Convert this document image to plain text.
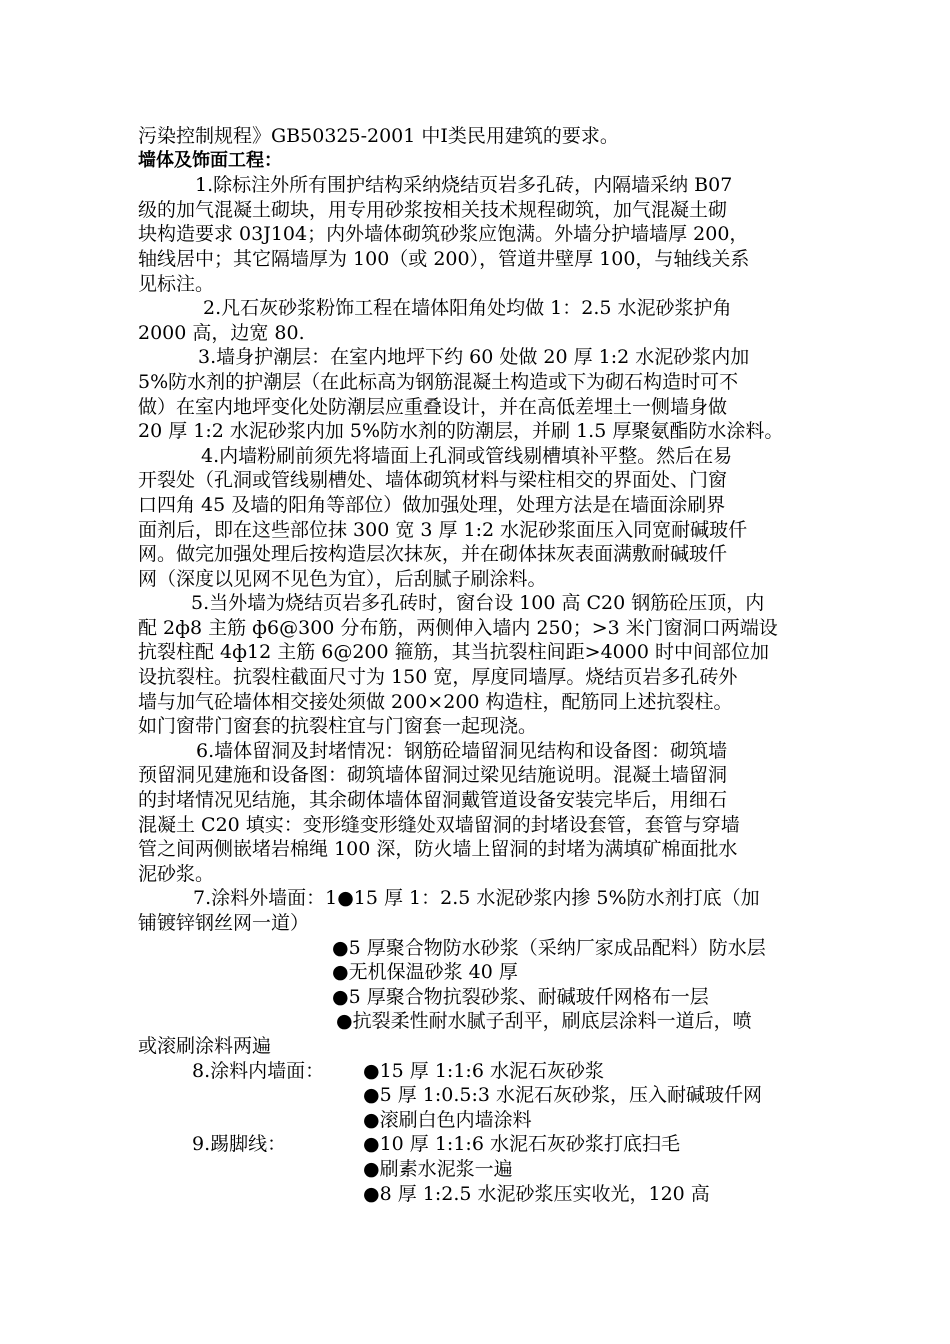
污染控制规程》GB50325-2001 中Ⅰ类民用建筑的要求。
墙体及饰面工程：
1.除标注外所有围护结构采纳烧结页岩多孔砖，内隔墙采纳 B07
级的加气混凝土砌块，用专用砂浆按相关技术规程砌筑，加气混凝土砌
块构造要求 03J104；内外墙体砌筑砂浆应饱满。外墙分护墙墙厚 200，
轴线居中；其它隔墙厚为 100（或 200），管道井壁厚 100，与轴线关系
见标注。
2.凡石灰砂浆粉饰工程在墙体阳角处均做 1：2.5 水泥砂浆护角
2000 高，边宽 80.
3.墙身护潮层：在室内地坪下约 60 处做 20 厚 1:2 水泥砂浆内加
5%防水剂的护潮层（在此标高为钢筋混凝土构造或下为砌石构造时可不
做）在室内地坪变化处防潮层应重叠设计，并在高低差埋土一侧墙身做
20 厚 1:2 水泥砂浆内加 5%防水剂的防潮层，并刷 1.5 厚聚氨酯防水涂料。
4.内墙粉刷前须先将墙面上孔洞或管线剔槽填补平整。然后在易
开裂处（孔洞或管线剔槽处、墙体砌筑材料与梁柱相交的界面处、门窗
口四角 45 及墙的阳角等部位）做加强处理，处理方法是在墙面涂刷界
面剂后，即在这些部位抹 300 宽 3 厚 1:2 水泥砂浆面压入同宽耐碱玻仟
网。做完加强处理后按构造层次抹灰，并在砌体抹灰表面满敷耐碱玻仟
网（深度以见网不见色为宜），后刮腻子刷涂料。
5.当外墙为烧结页岩多孔砖时，窗台设 100 高 C20 钢筋砼压顶，内
配 2ф8 主筋 ф6@300 分布筋，两侧伸入墙内 250；>3 米门窗洞口两端设
抗裂柱配 4ф12 主筋 6@200 箍筋，其当抗裂柱间距>4000 时中间部位加
设抗裂柱。抗裂柱截面尺寸为 150 宽，厚度同墙厚。烧结页岩多孔砖外
墙与加气砼墙体相交接处须做 200×200 构造柱，配筋同上述抗裂柱。
如门窗带门窗套的抗裂柱宜与门窗套一起现浇。
6.墙体留洞及封堵情况：钢筋砼墙留洞见结构和设备图：砌筑墙
预留洞见建施和设备图：砌筑墙体留洞过梁见结施说明。混凝土墙留洞
的封堵情况见结施，其余砌体墙体留洞戴管道设备安装完毕后，用细石
混凝土 C20 填实：变形缝变形缝处双墙留洞的封堵设套管，套管与穿墙
管之间两侧嵌堵岩棉绳 100 深，防火墙上留洞的封堵为满填矿棉面批水
泥砂浆。
7.涂料外墙面：1●15 厚 1：2.5 水泥砂浆内掺 5%防水剂打底（加
铺镀锌钢丝网一道）
●5 厚聚合物防水砂浆（采纳厂家成品配料）防水层
●无机保温砂浆 40 厚
●5 厚聚合物抗裂砂浆、耐碱玻仟网格布一层
●抗裂柔性耐水腻子刮平，刷底层涂料一道后，喷
或滚刷涂料两遍
8.涂料内墙面：	●15 厚 1:1:6 水泥石灰砂浆
●5 厚 1:0.5:3 水泥石灰砂浆，压入耐碱玻仟网
●滚刷白色内墙涂料
9.踢脚线：	●10 厚 1:1:6 水泥石灰砂浆打底扫毛
●刷素水泥浆一遍
●8 厚 1:2.5 水泥砂浆压实收光，120 高
